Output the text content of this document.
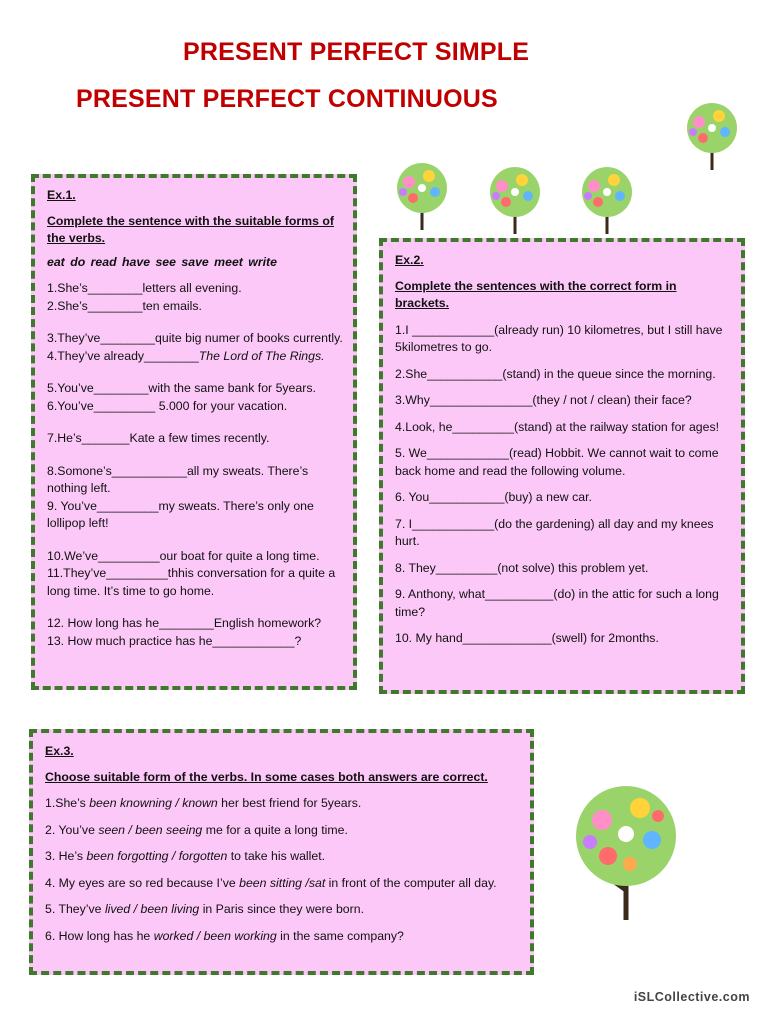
PRESENT PERFECT SIMPLE
PRESENT PERFECT CONTINUOUS
Ex.1.
Complete the sentence with the suitable forms of the verbs.
eat do read have see save meet write
1.She’s________letters all evening.
2.She’s________ten emails.
3.They’ve________quite big numer of books currently.
4.They’ve already________The Lord of The Rings.
5.You’ve________with the same bank for 5years.
6.You’ve_________ 5.000 for your vacation.
7.He’s_______Kate a few times recently.
8.Somone’s___________all my sweats. There’s nothing left.
9. You’ve_________my sweats. There’s only one lollipop left!
10.We’ve_________our boat for quite a long time.
11.They’ve_________thhis conversation for a quite a long time. It’s time to go home.
12. How long has he________English homework?
13. How much practice has he____________?
Ex.2.
Complete the sentences with the correct form in brackets.
1.I ____________(already run) 10 kilometres, but I still have 5kilometres to go.
2.She___________(stand) in the queue since the morning.
3.Why_______________(they / not / clean) their face?
4.Look, he_________(stand) at the railway station for ages!
5. We____________(read) Hobbit. We cannot wait to come back home and read the following volume.
6. You___________(buy) a new car.
7. I____________(do the gardening) all day and my knees hurt.
8. They_________(not solve) this problem yet.
9. Anthony, what__________(do) in the attic for such a long time?
10. My hand_____________(swell) for 2months.
Ex.3.
Choose suitable form of the verbs. In some cases both answers are correct.
1.She’s been knowning / known her best friend for 5years.
2. You’ve seen / been seeing me for a quite a long time.
3. He’s been forgotting / forgotten to take his wallet.
4. My eyes are so red because I’ve been sitting /sat in front of the computer all day.
5. They’ve lived / been living in Paris since they were born.
6. How long has he worked / been working in the same company?
iSLCollective.com
